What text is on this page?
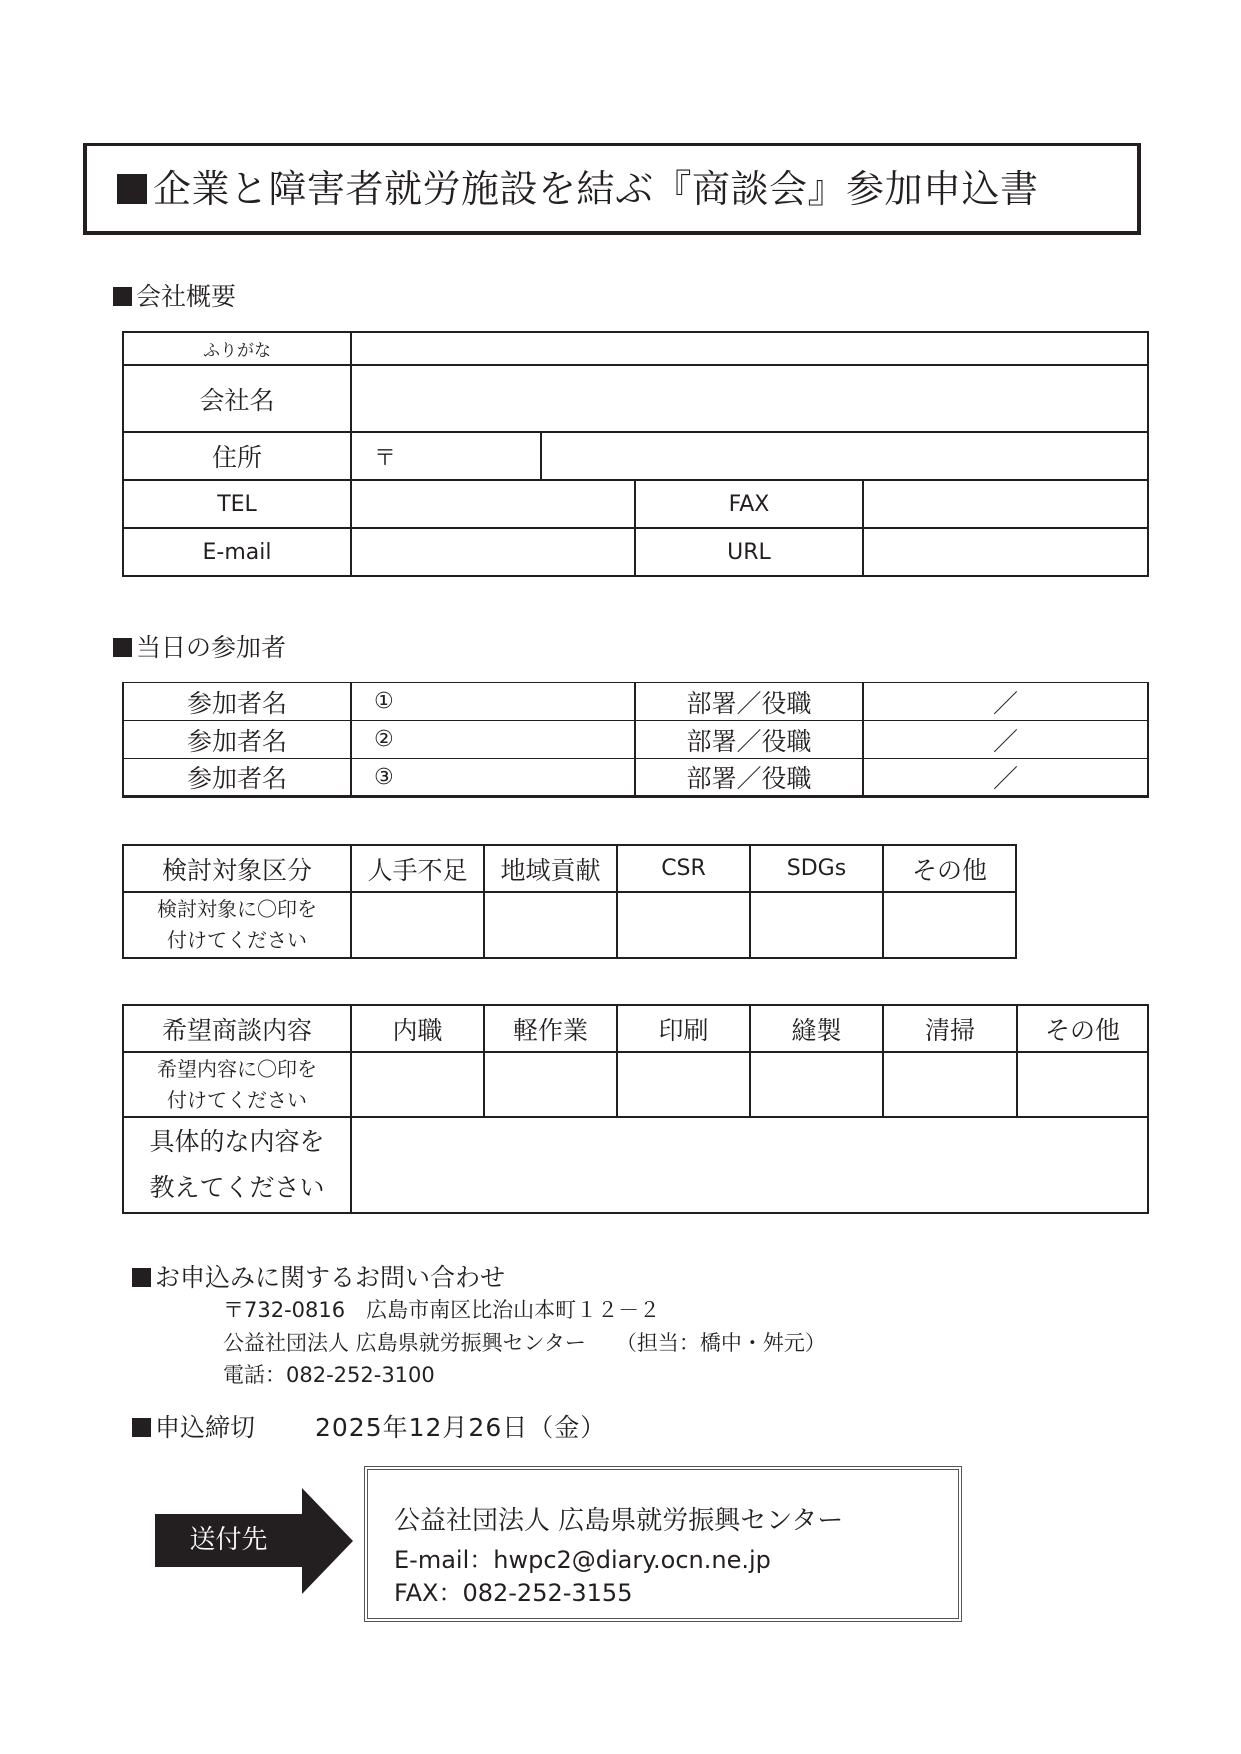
企業と障害者就労施設を結ぶ『商談会』参加申込書
会社概要
ふりがな				
会社名				
住所	〒			
TEL			FAX	
E-mail			URL	
当日の参加者
参加者名	①	部署／役職	／
参加者名	②	部署／役職	／
参加者名	③	部署／役職	／
検討対象区分	人手不足	地域貢献	CSR	SDGs	その他

検討対象に〇印を
付けてください					

希望商談内容	内職	軽作業	印刷	縫製	清掃	その他

希望内容に〇印を
付けてください						

具体的な内容を
教えてください						

お申込みに関するお問い合わせ
〒732-0816　広島市南区比治山本町１２－２
公益社団法人 広島県就労振興センター （担当：橋中・舛元）
電話：082-252-3100
申込締切 2025年12月26日（金）
送付先
公益社団法人 広島県就労振興センター
E-mail：hwpc2@diary.ocn.ne.jp
FAX：082-252-3155
